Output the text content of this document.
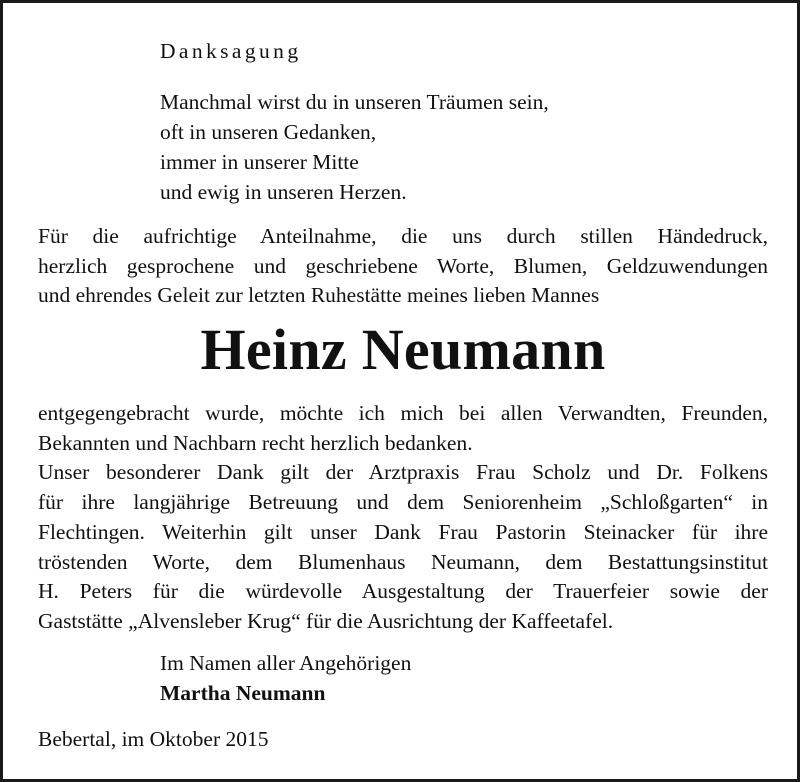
Danksagung
Manchmal wirst du in unseren Träumen sein,
oft in unseren Gedanken,
immer in unserer Mitte
und ewig in unseren Herzen.
Für die aufrichtige Anteilnahme, die uns durch stillen Händedruck,
herzlich gesprochene und geschriebene Worte, Blumen, Geldzuwendungen
und ehrendes Geleit zur letzten Ruhestätte meines lieben Mannes
Heinz Neumann
entgegengebracht wurde, möchte ich mich bei allen Verwandten, Freunden,
Bekannten und Nachbarn recht herzlich bedanken.
Unser besonderer Dank gilt der Arztpraxis Frau Scholz und Dr. Folkens
für ihre langjährige Betreuung und dem Seniorenheim „Schloßgarten“ in
Flechtingen. Weiterhin gilt unser Dank Frau Pastorin Steinacker für ihre
tröstenden Worte, dem Blumenhaus Neumann, dem Bestattungsinstitut
H. Peters für die würdevolle Ausgestaltung der Trauerfeier sowie der
Gaststätte „Alvensleber Krug“ für die Ausrichtung der Kaffeetafel.
Im Namen aller Angehörigen
Martha Neumann
Bebertal, im Oktober 2015
